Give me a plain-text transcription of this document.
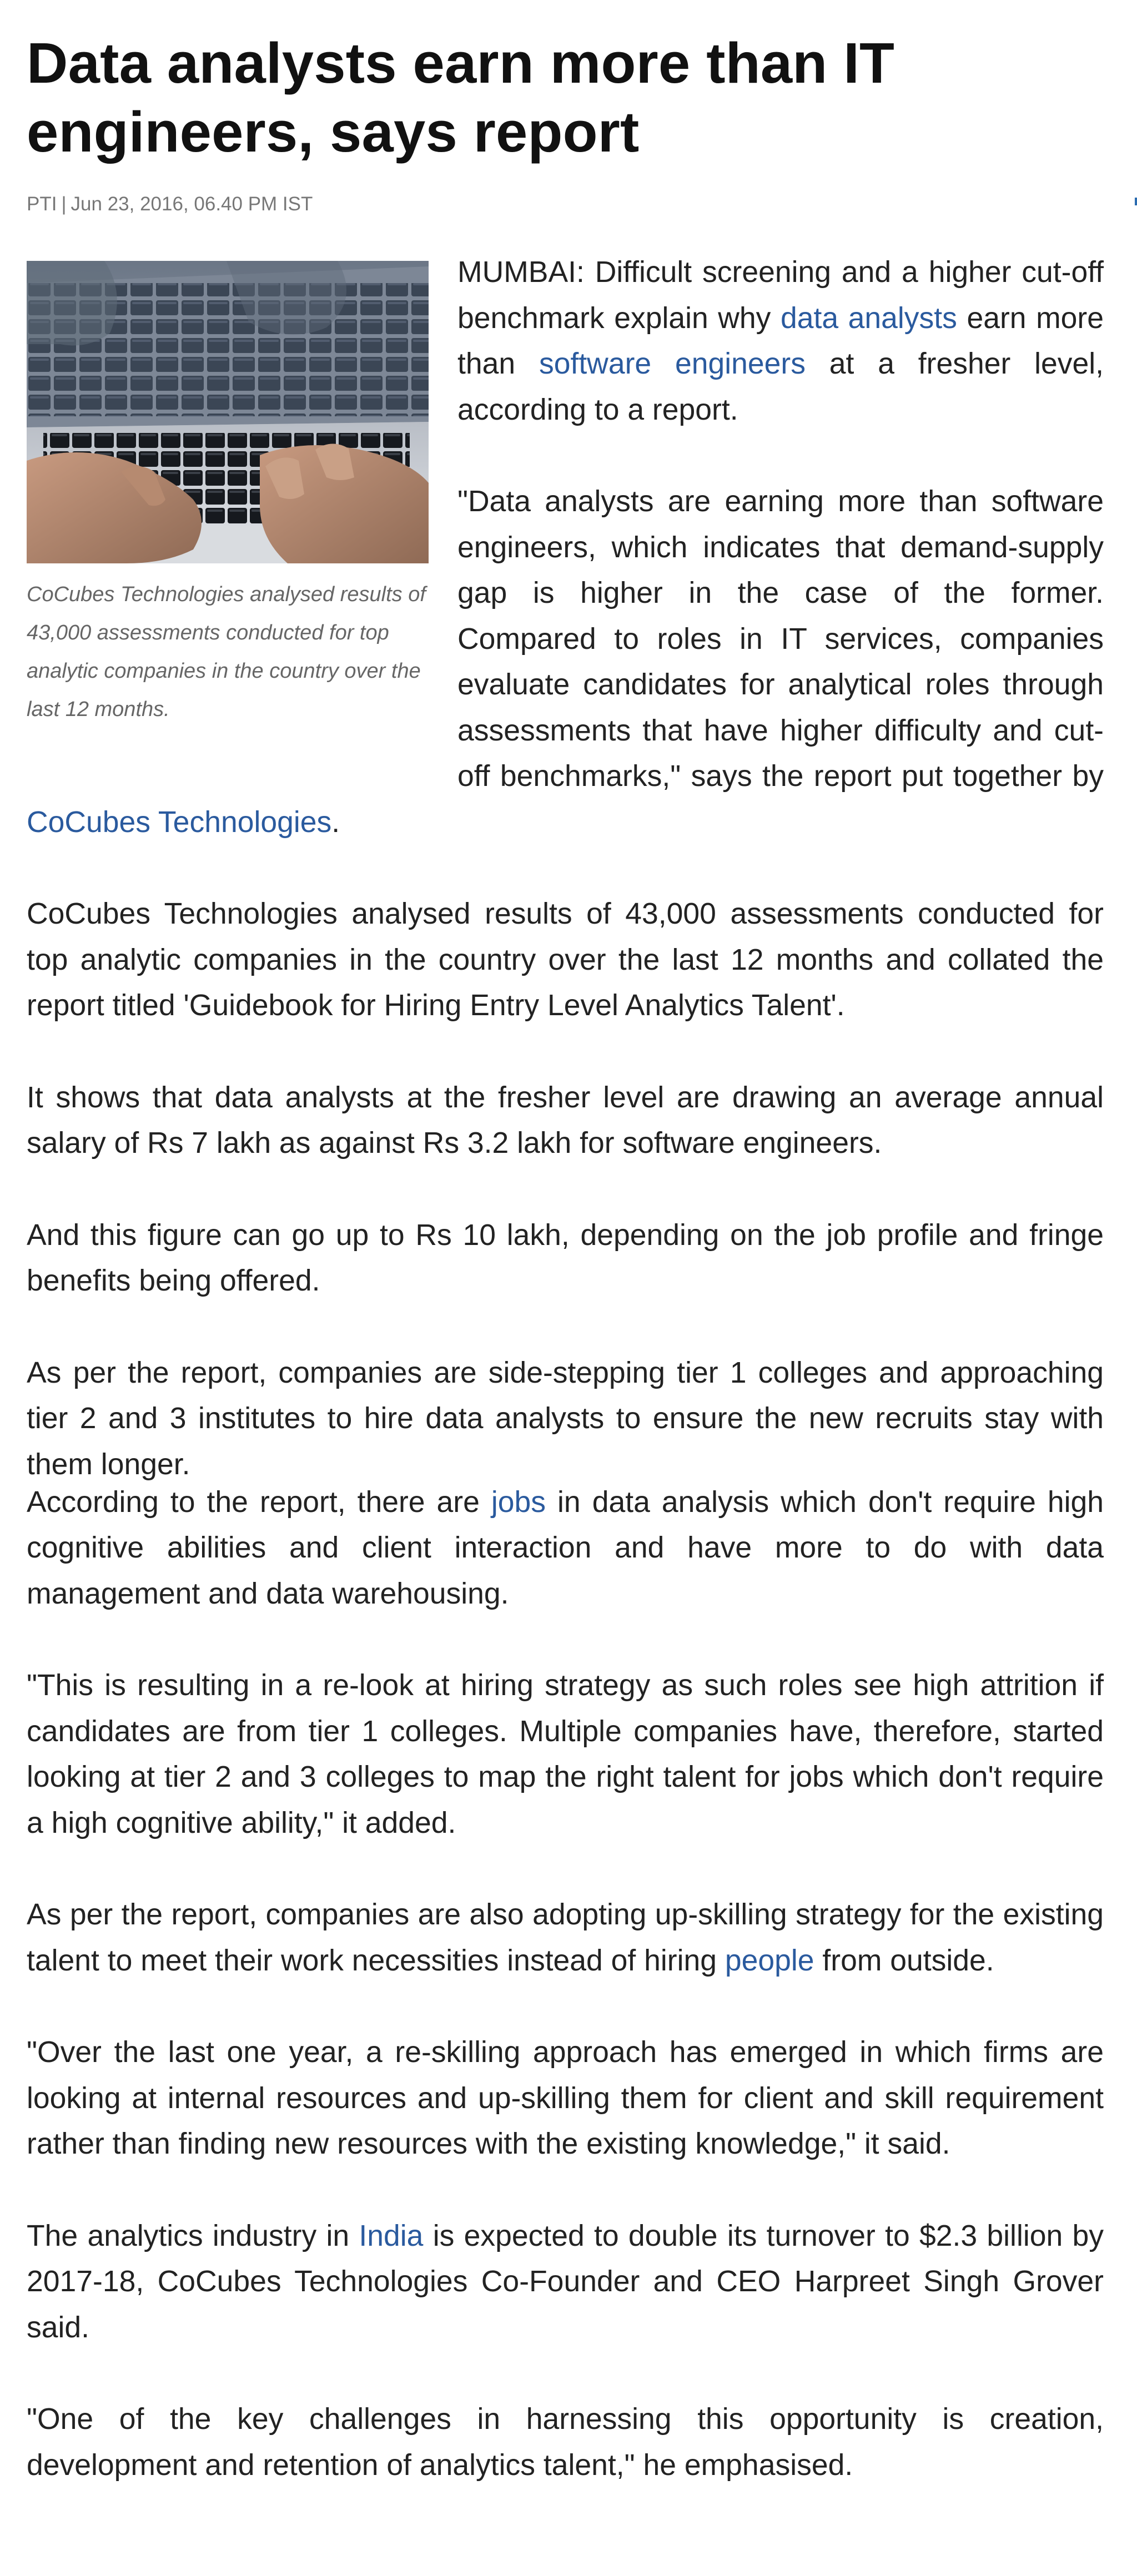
Data analysts earn more than IT engineers, says report
PTI | Jun 23, 2016, 06.40 PM IST

MUMBAI: Difficult screening and a higher cut-off benchmark explain why data analysts earn more than software engineers at a fresher level, according to a report.

"Data analysts are earning more than software engineers, which indicates that demand-supply gap is higher in the case of the former. Compared to roles in IT services, companies evaluate candidates for analytical roles through assessments that have higher difficulty and cut-off benchmarks," says the report put together by CoCubes Technologies.

CoCubes Technologies analysed results of 43,000 assessments conducted for top analytic companies in the country over the last 12 months and collated the report titled 'Guidebook for Hiring Entry Level Analytics Talent'.

It shows that data analysts at the fresher level are drawing an average annual salary of Rs 7 lakh as against Rs 3.2 lakh for software engineers.

And this figure can go up to Rs 10 lakh, depending on the job profile and fringe benefits being offered.

As per the report, companies are side-stepping tier 1 colleges and approaching tier 2 and 3 institutes to hire data analysts to ensure the new recruits stay with them longer.

According to the report, there are jobs in data analysis which don't require high cognitive abilities and client interaction and have more to do with data management and data warehousing.

"This is resulting in a re-look at hiring strategy as such roles see high attrition if candidates are from tier 1 colleges. Multiple companies have, therefore, started looking at tier 2 and 3 colleges to map the right talent for jobs which don't require a high cognitive ability," it added.

As per the report, companies are also adopting up-skilling strategy for the existing talent to meet their work necessities instead of hiring people from outside.

"Over the last one year, a re-skilling approach has emerged in which firms are looking at internal resources and up-skilling them for client and skill requirement rather than finding new resources with the existing knowledge," it said.

The analytics industry in India is expected to double its turnover to $2.3 billion by 2017-18, CoCubes Technologies Co-Founder and CEO Harpreet Singh Grover said.

"One of the key challenges in harnessing this opportunity is creation, development and retention of analytics talent," he emphasised.

CoCubes Technologies analysed results of 43,000 assessments conducted for top analytic companies in the country over the last 12 months.
